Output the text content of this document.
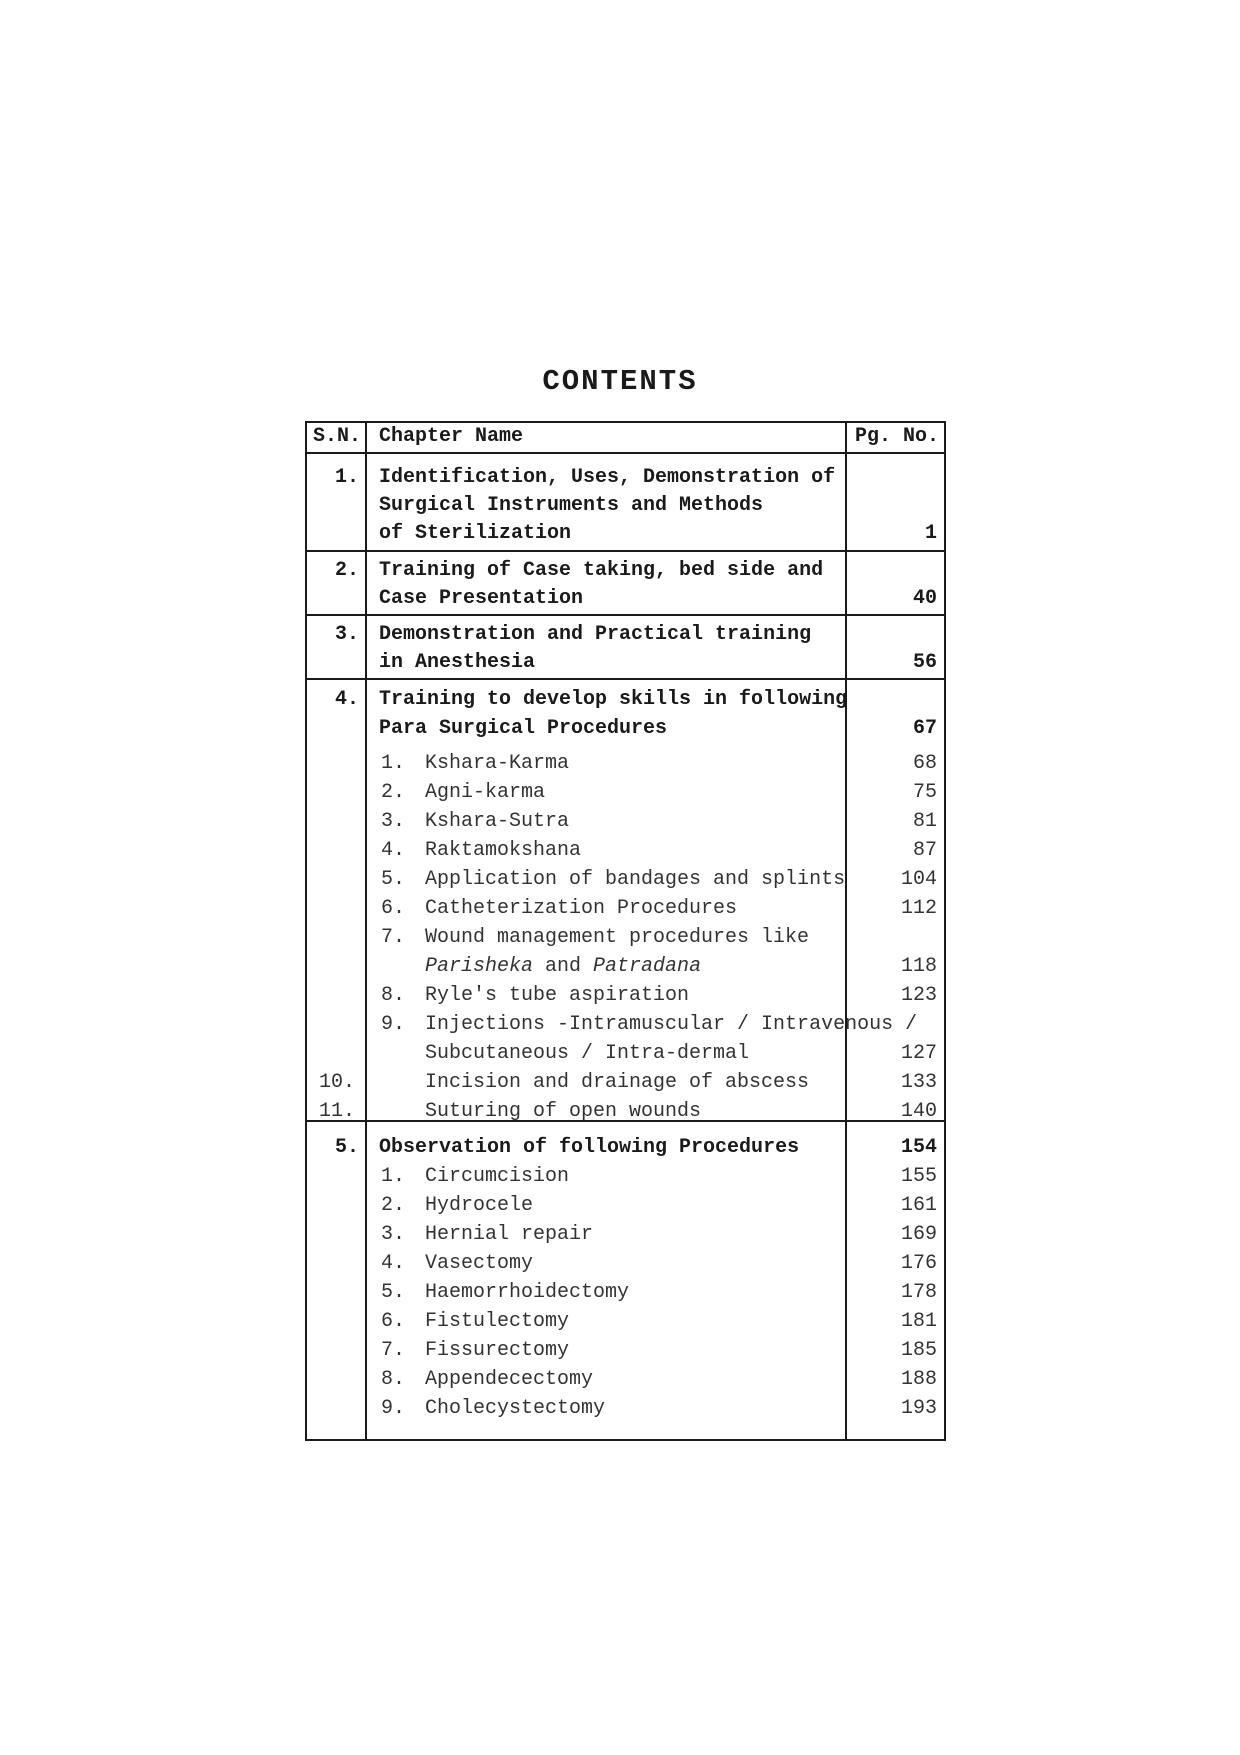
CONTENTS
S.N. Chapter Name	Pg. No.
1. Identification, Uses, Demonstration of
Surgical Instruments and Methods
of Sterilization	1
2. Training of Case taking, bed side and
Case Presentation	40
3. Demonstration and Practical training
in Anesthesia	56
4. Training to develop skills in following
Para Surgical Procedures	67
1. Kshara-Karma	68
2. Agni-karma	75
3. Kshara-Sutra	81
4. Raktamokshana	87
5. Application of bandages and splints	104
6. Catheterization Procedures	112
7. Wound management procedures like
Parisheka and Patradana	118
8. Ryle's tube aspiration	123
9. Injections -Intramuscular / Intravenous /
Subcutaneous / Intra-dermal	127
10.	Incision and drainage of abscess	133
11.	Suturing of open wounds	140
5. Observation of following Procedures	154
1. Circumcision	155
2. Hydrocele	161
3. Hernial repair	169
4. Vasectomy	176
5. Haemorrhoidectomy	178
6. Fistulectomy	181
7. Fissurectomy	185
8. Appendecectomy	188
9. Cholecystectomy	193
